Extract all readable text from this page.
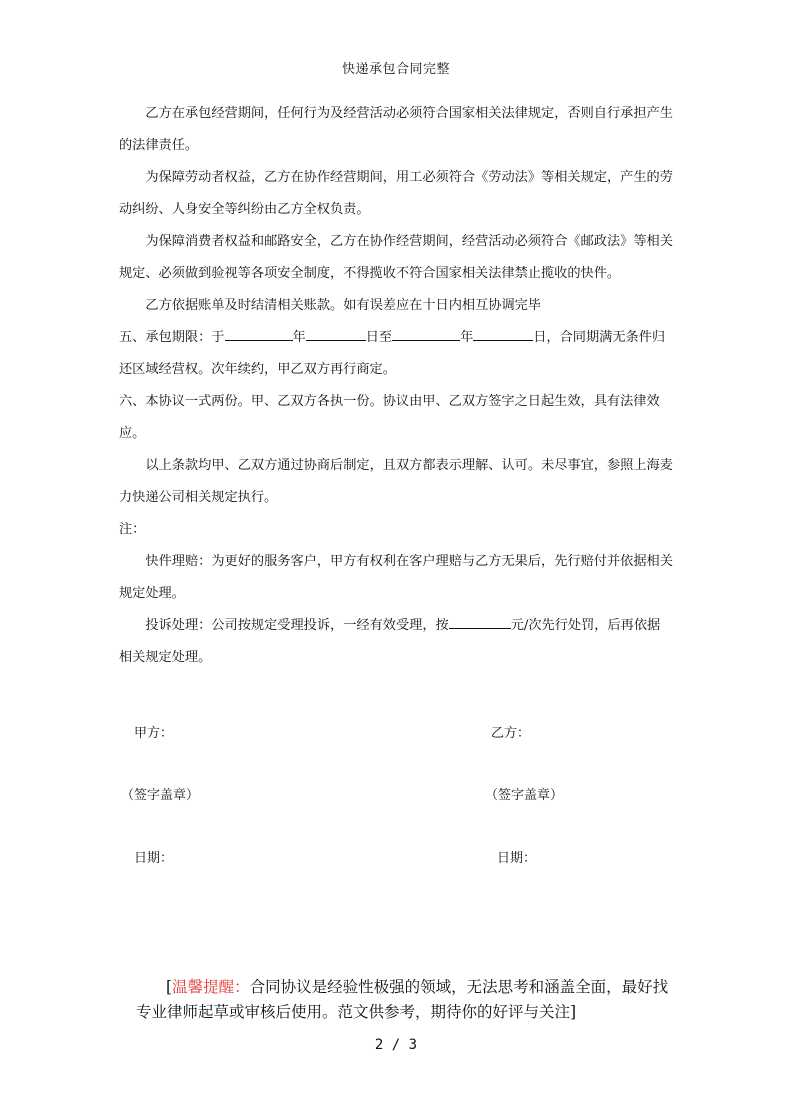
快递承包合同完整

乙方在承包经营期间，任何行为及经营活动必须符合国家相关法律规定，否则自行承担产生的法律责任。

为保障劳动者权益，乙方在协作经营期间，用工必须符合《劳动法》等相关规定，产生的劳动纠纷、人身安全等纠纷由乙方全权负责。

为保障消费者权益和邮路安全，乙方在协作经营期间，经营活动必须符合《邮政法》等相关规定、必须做到验视等各项安全制度，不得揽收不符合国家相关法律禁止揽收的快件。

乙方依据账单及时结清相关账款。如有误差应在十日内相互协调完毕

五、承包期限：于	年	日至	年	日，合同期满无条件归还区域经营权。次年续约，甲乙双方再行商定。

六、本协议一式两份。甲、乙双方各执一份。协议由甲、乙双方签字之日起生效，具有法律效应。

以上条款均甲、乙双方通过协商后制定，且双方都表示理解、认可。未尽事宜，参照上海麦力快递公司相关规定执行。

注：

快件理赔：为更好的服务客户，甲方有权利在客户理赔与乙方无果后，先行赔付并依据相关规定处理。

投诉处理：公司按规定受理投诉，一经有效受理，按	元/次先行处罚，后再依据相关规定处理。

甲方：	乙方：
（签字盖章）	（签字盖章）
日期：	日期：
[温馨提醒：合同协议是经验性极强的领域，无法思考和涵盖全面，最好找专业律师起草或审核后使用。范文供参考，期待你的好评与关注]
2 / 3
